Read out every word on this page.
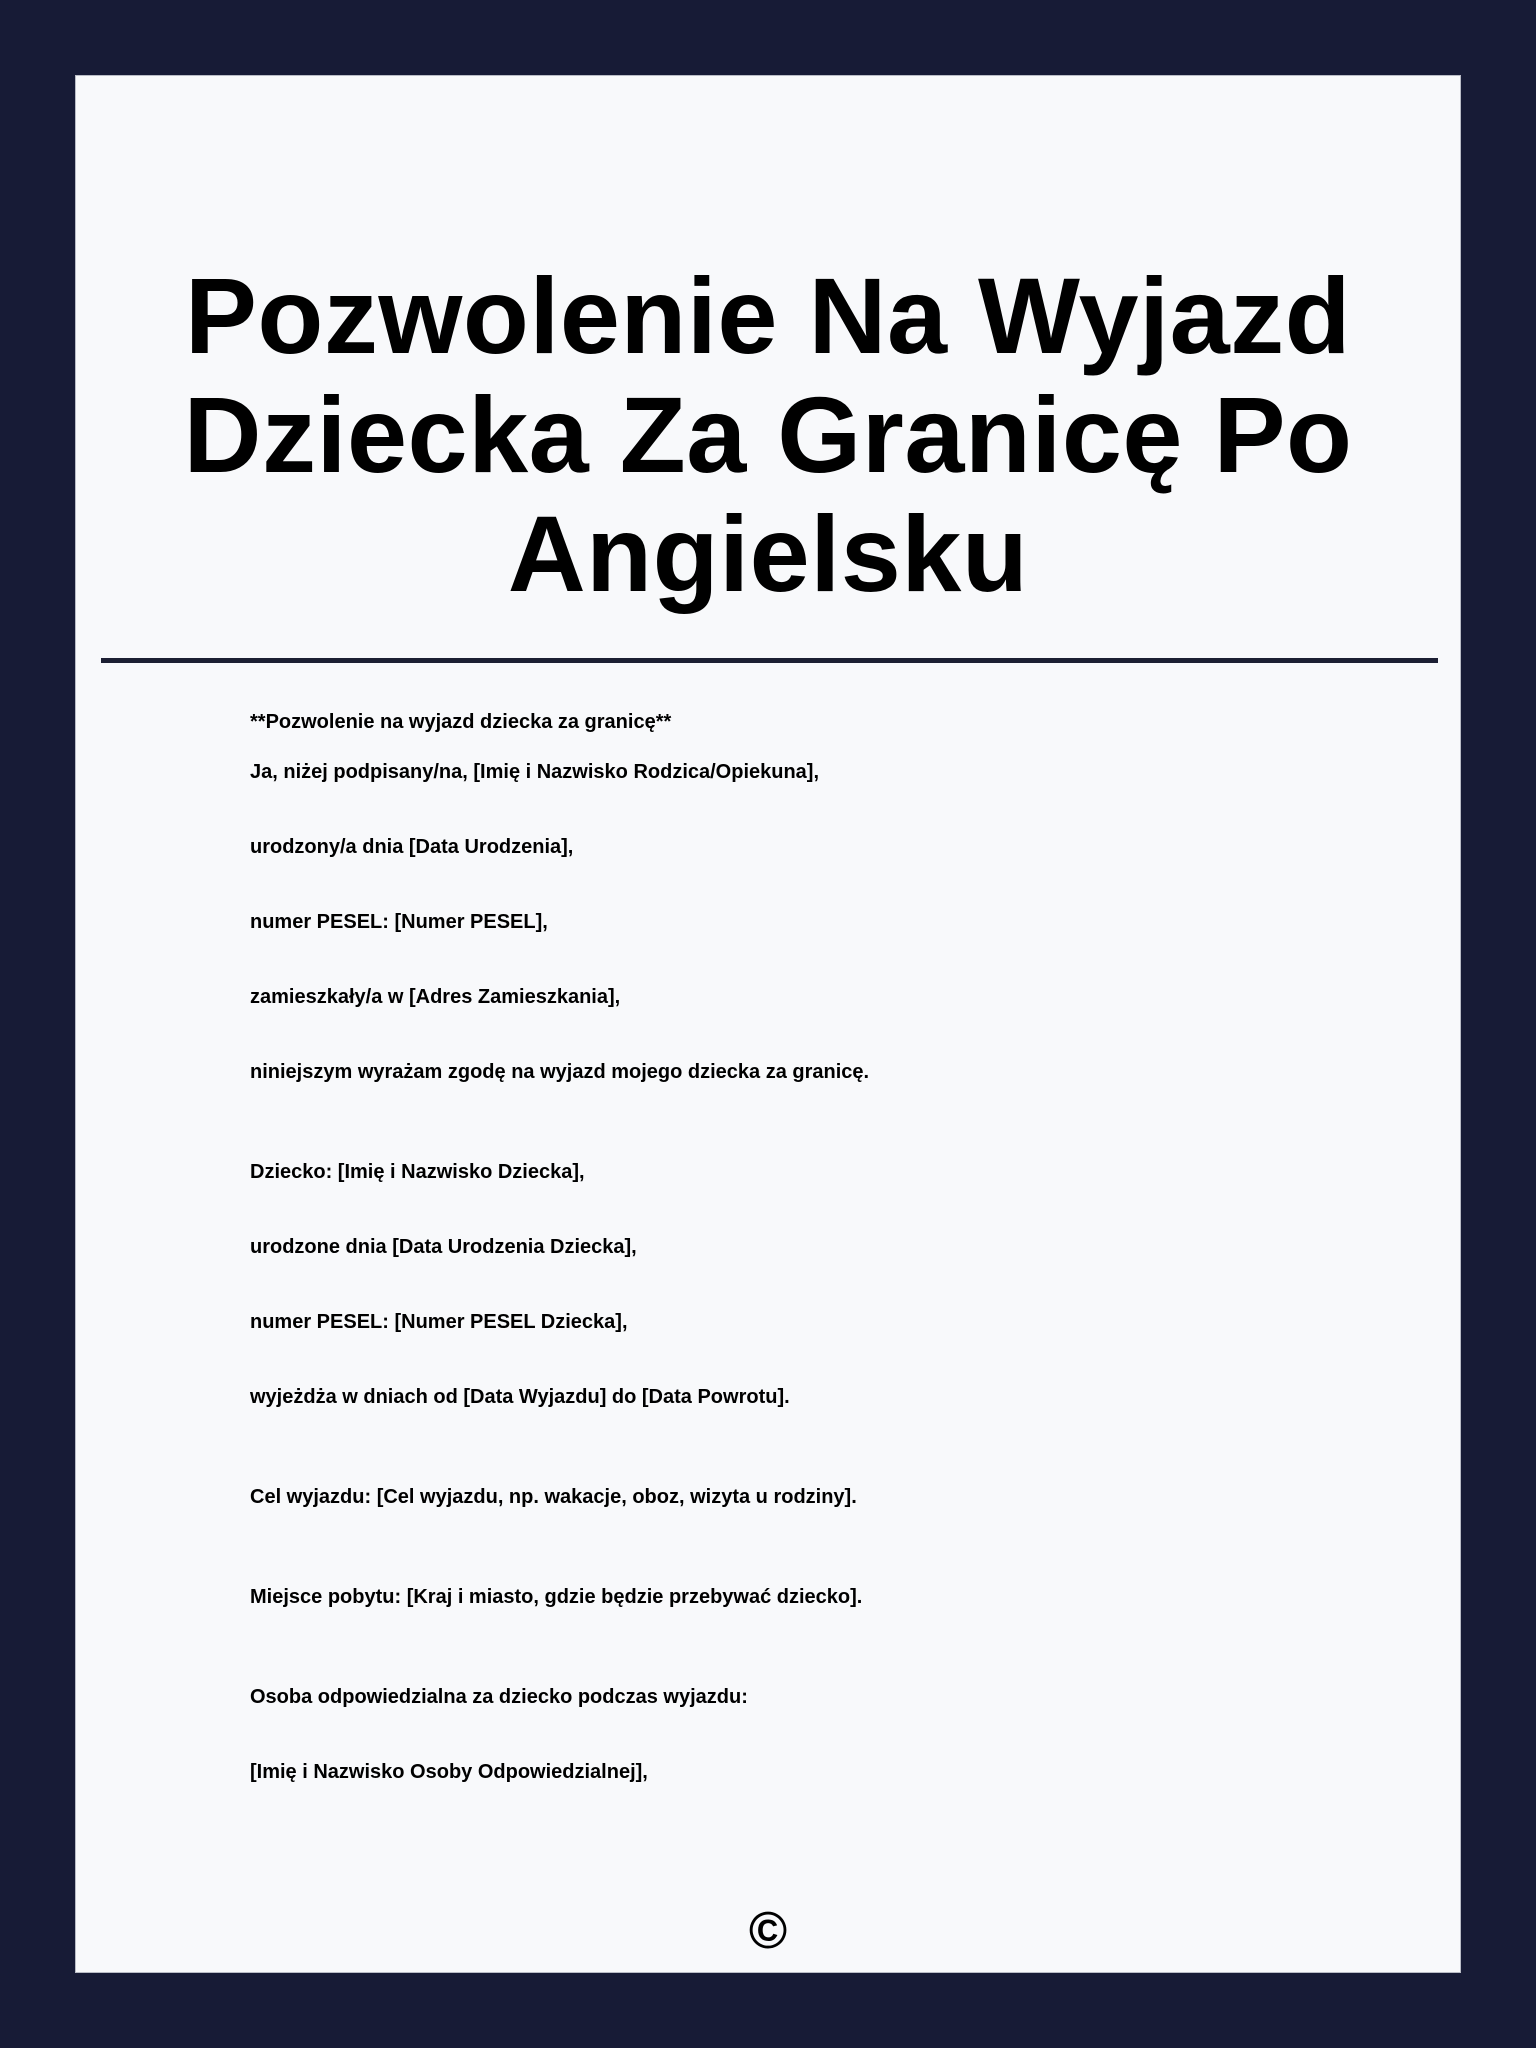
Pozwolenie Na Wyjazd
Dziecka Za Granicę Po
Angielsku
**Pozwolenie na wyjazd dziecka za granicę**
Ja, niżej podpisany/na, [Imię i Nazwisko Rodzica/Opiekuna],
urodzony/a dnia [Data Urodzenia],
numer PESEL: [Numer PESEL],
zamieszkały/a w [Adres Zamieszkania],
niniejszym wyrażam zgodę na wyjazd mojego dziecka za granicę.
Dziecko: [Imię i Nazwisko Dziecka],
urodzone dnia [Data Urodzenia Dziecka],
numer PESEL: [Numer PESEL Dziecka],
wyjeżdża w dniach od [Data Wyjazdu] do [Data Powrotu].
Cel wyjazdu: [Cel wyjazdu, np. wakacje, oboz, wizyta u rodziny].
Miejsce pobytu: [Kraj i miasto, gdzie będzie przebywać dziecko].
Osoba odpowiedzialna za dziecko podczas wyjazdu:
[Imię i Nazwisko Osoby Odpowiedzialnej],
©
